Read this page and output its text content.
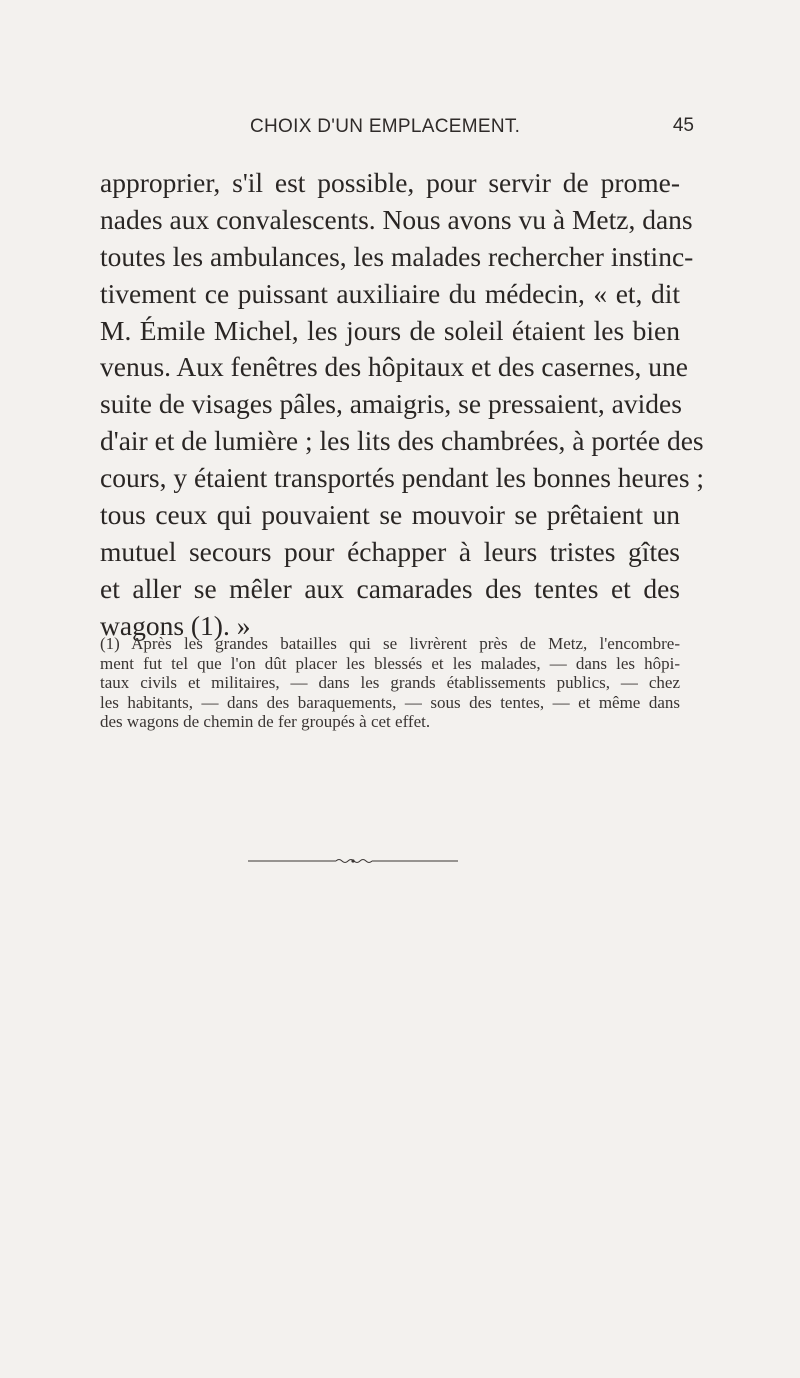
CHOIX D'UN EMPLACEMENT.	45
approprier, s'il est possible, pour servir de prome-
nades aux convalescents. Nous avons vu à Metz, dans
toutes les ambulances, les malades rechercher instinc-
tivement ce puissant auxiliaire du médecin, « et, dit
M. Émile Michel, les jours de soleil étaient les bien
venus. Aux fenêtres des hôpitaux et des casernes, une
suite de visages pâles, amaigris, se pressaient, avides
d'air et de lumière ; les lits des chambrées, à portée des
cours, y étaient transportés pendant les bonnes heures ;
tous ceux qui pouvaient se mouvoir se prêtaient un
mutuel secours pour échapper à leurs tristes gîtes
et aller se mêler aux camarades des tentes et des
wagons (1). »
(1) Après les grandes batailles qui se livrèrent près de Metz, l'encombre-
ment fut tel que l'on dût placer les blessés et les malades, — dans les hôpi-
taux civils et militaires, — dans les grands établissements publics, — chez
les habitants, — dans des baraquements, — sous des tentes, — et même dans
des wagons de chemin de fer groupés à cet effet.
